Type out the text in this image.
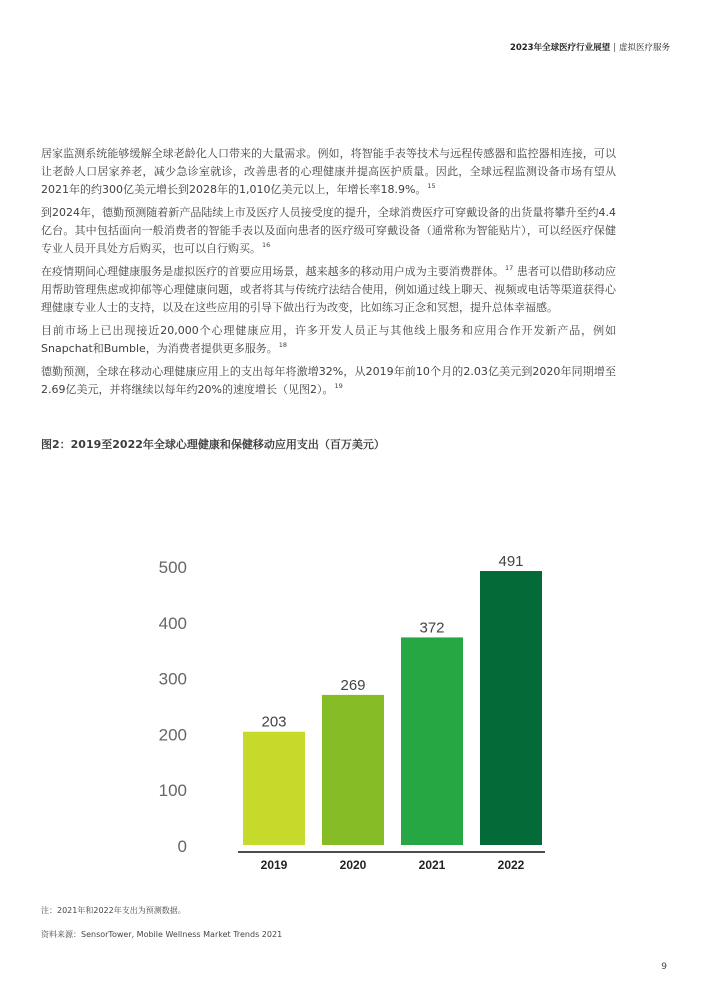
2023年全球医疗行业展望 | 虚拟医疗服务

居家监测系统能够缓解全球老龄化人口带来的大量需求。例如，将智能手表等技术与远程传感器和监控器相连接，可以让老龄人口居家养老，减少急诊室就诊，改善患者的心理健康并提高医护质量。因此，全球远程监测设备市场有望从2021年的约300亿美元增长到2028年的1,010亿美元以上，年增长率18.9%。$^{15}$

到2024年，德勤预测随着新产品陆续上市及医疗人员接受度的提升，全球消费医疗可穿戴设备的出货量将攀升至约4.4亿台。其中包括面向一般消费者的智能手表以及面向患者的医疗级可穿戴设备（通常称为智能贴片），可以经医疗保健专业人员开具处方后购买，也可以自行购买。$^{16}$

在疫情期间心理健康服务是虚拟医疗的首要应用场景，越来越多的移动用户成为主要消费群体。$^{17}$ 患者可以借助移动应用帮助管理焦虑或抑郁等心理健康问题，或者将其与传统疗法结合使用，例如通过线上聊天、视频或电话等渠道获得心理健康专业人士的支持，以及在这些应用的引导下做出行为改变，比如练习正念和冥想，提升总体幸福感。

目前市场上已出现接近20,000个心理健康应用，许多开发人员正与其他线上服务和应用合作开发新产品，例如Snapchat和Bumble，为消费者提供更多服务。$^{18}$

德勤预测，全球在移动心理健康应用上的支出每年将激增32%，从2019年前10个月的2.03亿美元到2020年同期增至2.69亿美元，并将继续以每年约20%的速度增长（见图2）。$^{19}$

图2：2019至2022年全球心理健康和保健移动应用支出（百万美元）
0
100
200
300
400
500
203
2019
269
2020
372
2021
491
2022
注：2021年和2022年支出为预测数据。
资料来源：SensorTower, Mobile Wellness Market Trends 2021
9
